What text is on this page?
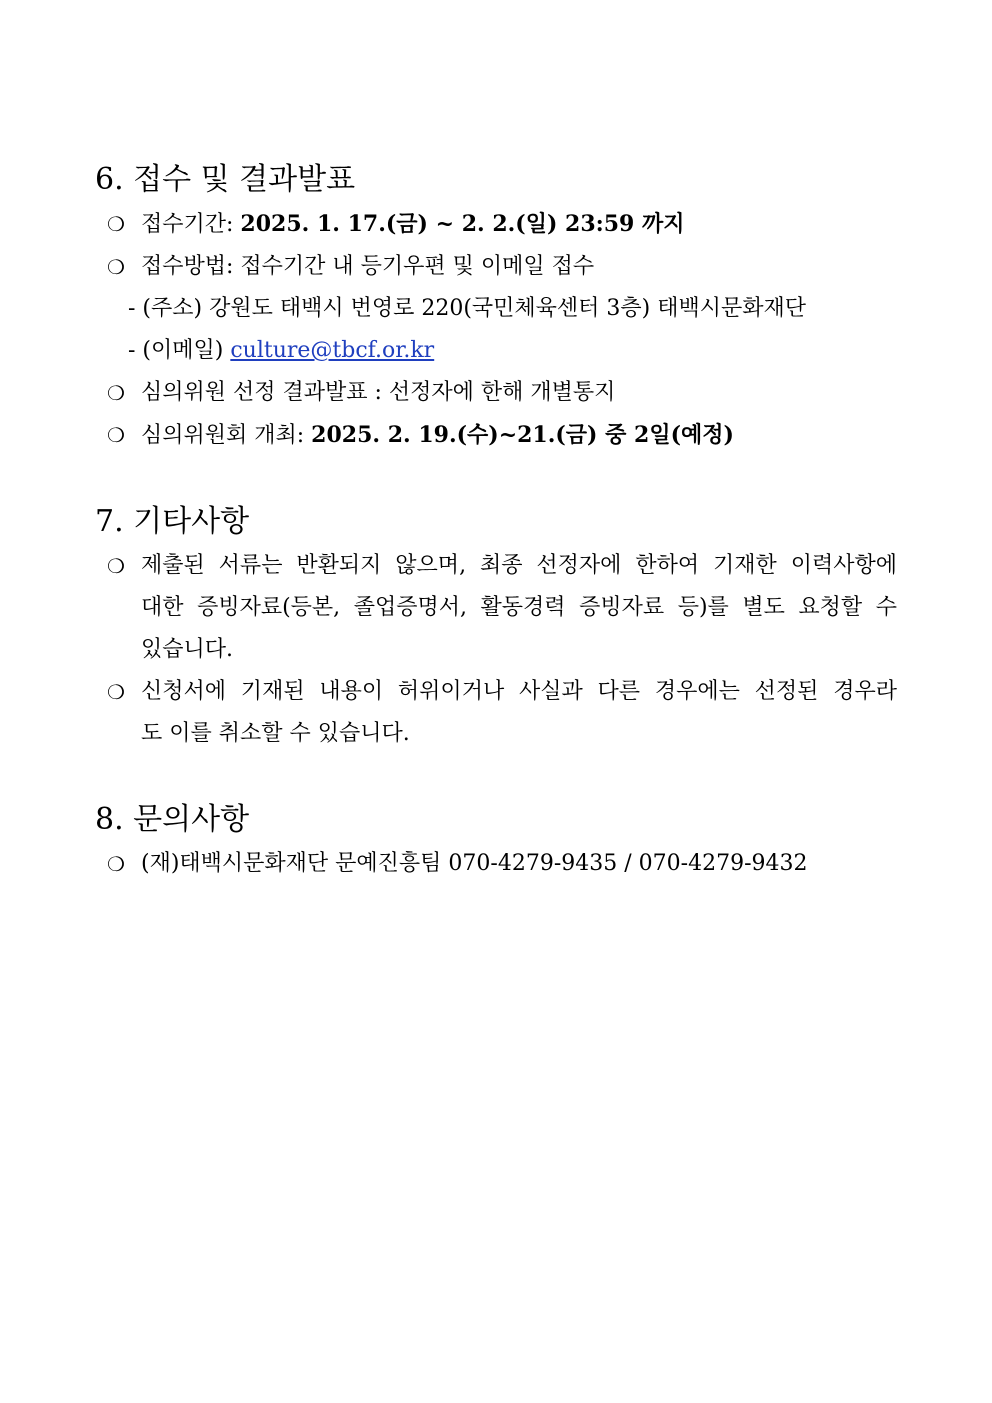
6. 접수 및 결과발표
❍ 접수기간: 2025. 1. 17.(금) ~ 2. 2.(일) 23:59 까지
❍ 접수방법: 접수기간 내 등기우편 및 이메일 접수
- (주소) 강원도 태백시 번영로 220(국민체육센터 3층) 태백시문화재단
- (이메일) culture@tbcf.or.kr
❍ 심의위원 선정 결과발표 : 선정자에 한해 개별통지
❍ 심의위원회 개최: 2025. 2. 19.(수)~21.(금) 중 2일(예정)
7. 기타사항
❍ 제출된 서류는 반환되지 않으며, 최종 선정자에 한하여 기재한 이력사항에
대한 증빙자료(등본, 졸업증명서, 활동경력 증빙자료 등)를 별도 요청할 수
있습니다.
❍ 신청서에 기재된 내용이 허위이거나 사실과 다른 경우에는 선정된 경우라
도 이를 취소할 수 있습니다.
8. 문의사항
❍ (재)태백시문화재단 문예진흥팀 070-4279-9435 / 070-4279-9432
